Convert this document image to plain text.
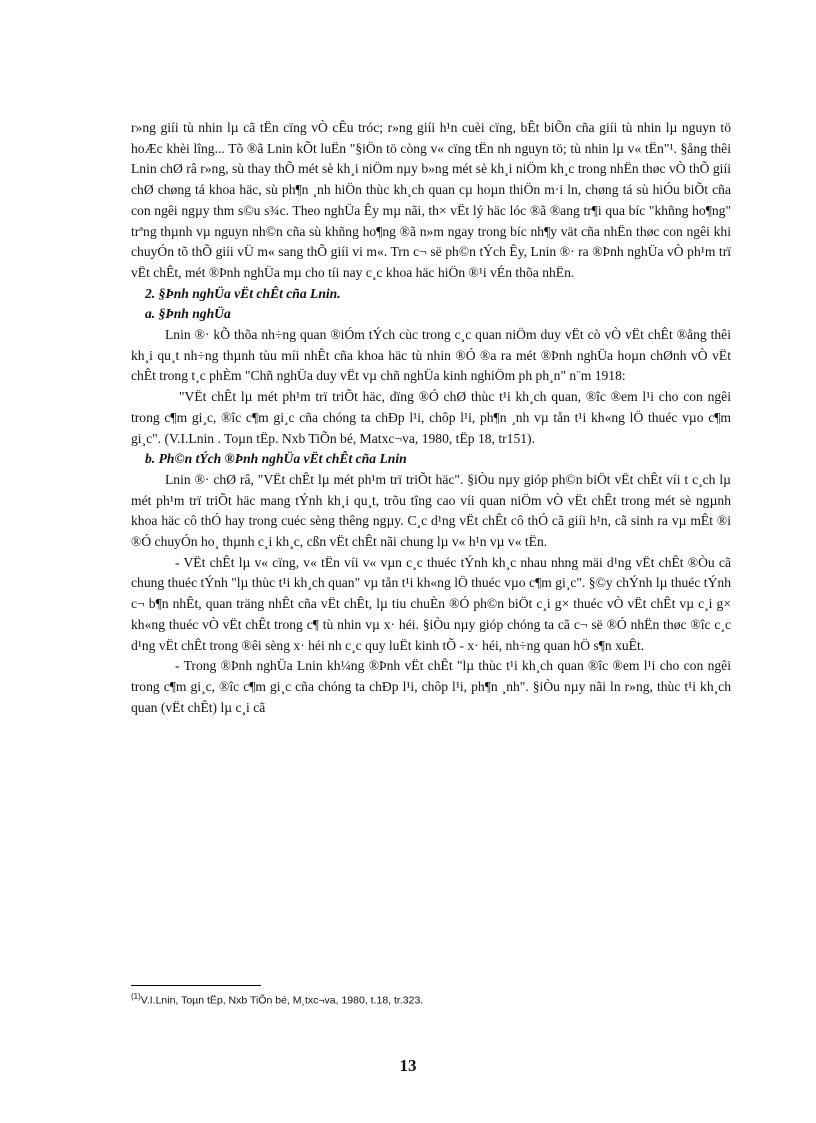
r»ng giíi tù nhin lµ cã tËn cïng vÒ cÊu tróc; r»ng giíi h¹n cuèi cïng, bÊt biÕn cña giíi tù nhin lµ nguyn tö hoÆc khèi lîng... Tõ ®ã Lnin kÕt luËn "§iÖn tö còng v« cïng tËn nh nguyn tö; tù nhin lµ v« tËn"¹. §ång thêi Lnin chØ râ r»ng, sù thay thÕ mét sè kh¸i niÖm nµy b»ng mét sè kh¸i niÖm kh¸c trong nhËn thøc vÒ thÕ giíi chØ chøng tá khoa häc, sù ph¶n ¸nh hiÖn thùc kh¸ch quan cµ hoµn thiÖn m·i ln, chøng tá sù hiÓu biÕt cña con ngêi ngµy thm s©u s¾c. Theo nghÜa Êy mµ nãi, th× vËt lý häc lóc ®ã ®ang tr¶i qua bíc "khñng ho¶ng" trªng thµnh vµ nguyn nh©n cña sù khñng ho¶ng ®ã n»m ngay trong bíc nh¶y vät cña nhËn thøc con ngêi khi chuyÓn tõ thÕ giíi vÜ m« sang thÕ giíi vi m«. Trn c¬ së ph©n tÝch Êy, Lnin ®· ra ®Þnh nghÜa vÒ ph¹m trï vËt chÊt, mét ®Þnh nghÜa mµ cho tíi nay c¸c khoa häc hiÖn ®¹i vÉn thõa nhËn.

2. §Þnh nghÜa vËt chÊt cña Lnin.

a. §Þnh nghÜa

Lnin ®· kÕ thõa nh÷ng quan ®iÓm tÝch cùc trong c¸c quan niÖm duy vËt cò vÒ vËt chÊt ®ång thêi kh¸i qu¸t nh÷ng thµnh tùu míi nhÊt cña khoa häc tù nhin ®Ó ®a ra mét ®Þnh nghÜa hoµn chØnh vÒ vËt chÊt trong t¸c phÈm "Chñ nghÜa duy vËt vµ chñ nghÜa kinh nghiÖm ph ph¸n" n¨m 1918:

"VËt chÊt lµ mét ph¹m trï triÕt häc, dïng ®Ó chØ thùc t¹i kh¸ch quan, ®îc ®em l¹i cho con ngêi trong c¶m gi¸c, ®îc c¶m gi¸c cña chóng ta chÐp l¹i, chôp l¹i, ph¶n ¸nh vµ tån t¹i kh«ng lÖ thuéc vµo c¶m gi¸c". (V.I.Lnin . Toµn tËp. Nxb TiÕn bé, Matxc¬va, 1980, tËp 18, tr151).

b. Ph©n tÝch ®Þnh nghÜa vËt chÊt cña Lnin

Lnin ®· chØ râ, "VËt chÊt lµ mét ph¹m trï triÕt häc". §iÒu nµy gióp ph©n biÖt vËt chÊt víi t c¸ch lµ mét ph¹m trï triÕt häc mang tÝnh kh¸i qu¸t, trõu tîng cao víi quan niÖm vÒ vËt chÊt trong mét sè ngµnh khoa häc cô thÓ hay trong cuéc sèng thêng ngµy. C¸c d¹ng vËt chÊt cô thÓ cã giíi h¹n, cã sinh ra vµ mÊt ®i ®Ó chuyÓn ho¸ thµnh c¸i kh¸c, cßn vËt chÊt nãi chung lµ v« h¹n vµ v« tËn.

- VËt chÊt lµ v« cïng, v« tËn víi v« vµn c¸c thuéc tÝnh kh¸c nhau nhng mäi d¹ng vËt chÊt ®Òu cã chung thuéc tÝnh "lµ thùc t¹i kh¸ch quan" vµ tån t¹i kh«ng lÖ thuéc vµo c¶m gi¸c". §©y chÝnh lµ thuéc tÝnh c¬ b¶n nhÊt, quan träng nhÊt cña vËt chÊt, lµ tiu chuÈn ®Ó ph©n biÖt c¸i g× thuéc vÒ vËt chÊt vµ c¸i g× kh«ng thuéc vÒ vËt chÊt trong c¶ tù nhin vµ x· héi. §iÒu nµy gióp chóng ta cã c¬ së ®Ó nhËn thøc ®îc c¸c d¹ng vËt chÊt trong ®êi sèng x· héi nh c¸c quy luËt kinh tÕ - x· héi, nh÷ng quan hÖ s¶n xuÊt.

- Trong ®Þnh nghÜa Lnin kh¼ng ®Þnh vËt chÊt "lµ thùc t¹i kh¸ch quan ®îc ®em l¹i cho con ngêi trong c¶m gi¸c, ®îc c¶m gi¸c cña chóng ta chÐp l¹i, chôp l¹i, ph¶n ¸nh". §iÒu nµy nãi ln r»ng, thùc t¹i kh¸ch quan (vËt chÊt) lµ c¸i cã

$^{(1)}$V.I.Lnin, Toµn tËp, Nxb TiÕn bé, M¸txc¬va, 1980, t.18, tr.323.
13
